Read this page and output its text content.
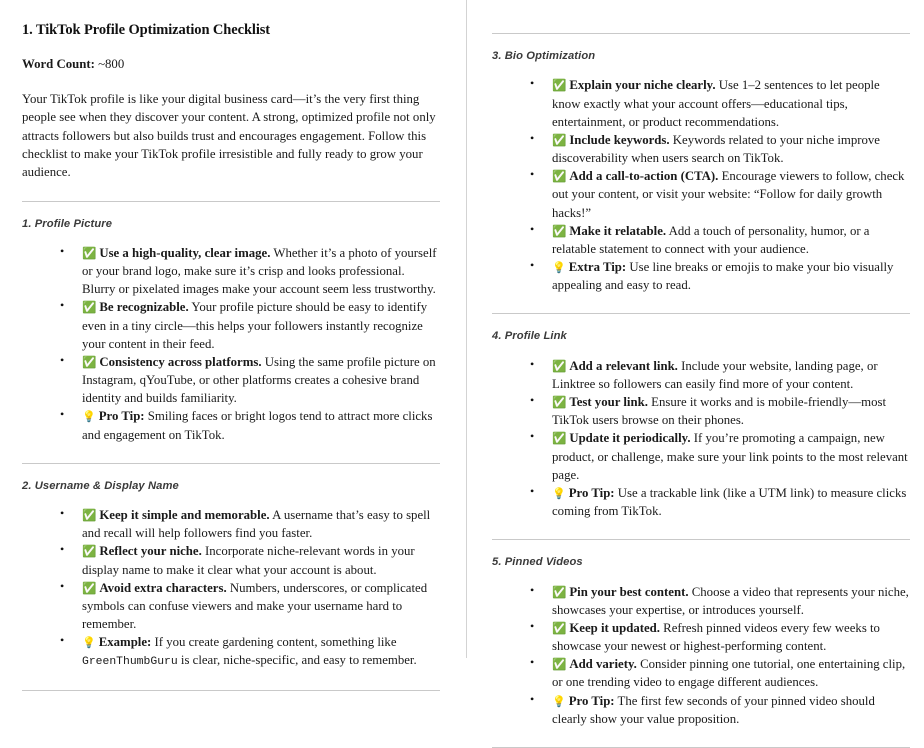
1. TikTok Profile Optimization Checklist

Word Count: ~800

Your TikTok profile is like your digital business card—it’s the very first thing people see when they discover your content. A strong, optimized profile not only attracts followers but also builds trust and encourages engagement. Follow this checklist to make your TikTok profile irresistible and fully ready to grow your audience.

1. Profile Picture
• ✅ Use a high-quality, clear image. Whether it’s a photo of yourself or your brand logo, make sure it’s crisp and looks professional. Blurry or pixelated images make your account seem less trustworthy.
• ✅ Be recognizable. Your profile picture should be easy to identify even in a tiny circle—this helps your followers instantly recognize your content in their feed.
• ✅ Consistency across platforms. Using the same profile picture on Instagram, qYouTube, or other platforms creates a cohesive brand identity and builds familiarity.
• 💡 Pro Tip: Smiling faces or bright logos tend to attract more clicks and engagement on TikTok.
2. Username & Display Name
• ✅ Keep it simple and memorable. A username that’s easy to spell and recall will help followers find you faster.
• ✅ Reflect your niche. Incorporate niche-relevant words in your display name to make it clear what your account is about.
• ✅ Avoid extra characters. Numbers, underscores, or complicated symbols can confuse viewers and make your username hard to remember.
• 💡 Example: If you create gardening content, something like GreenThumbGuru is clear, niche-specific, and easy to remember.
3. Bio Optimization
• ✅ Explain your niche clearly. Use 1–2 sentences to let people know exactly what your account offers—educational tips, entertainment, or product recommendations.
• ✅ Include keywords. Keywords related to your niche improve discoverability when users search on TikTok.
• ✅ Add a call-to-action (CTA). Encourage viewers to follow, check out your content, or visit your website: “Follow for daily growth hacks!”
• ✅ Make it relatable. Add a touch of personality, humor, or a relatable statement to connect with your audience.
• 💡 Extra Tip: Use line breaks or emojis to make your bio visually appealing and easy to read.
4. Profile Link
• ✅ Add a relevant link. Include your website, landing page, or Linktree so followers can easily find more of your content.
• ✅ Test your link. Ensure it works and is mobile-friendly—most TikTok users browse on their phones.
• ✅ Update it periodically. If you’re promoting a campaign, new product, or challenge, make sure your link points to the most relevant page.
• 💡 Pro Tip: Use a trackable link (like a UTM link) to measure clicks coming from TikTok.
5. Pinned Videos
• ✅ Pin your best content. Choose a video that represents your niche, showcases your expertise, or introduces yourself.
• ✅ Keep it updated. Refresh pinned videos every few weeks to showcase your newest or highest-performing content.
• ✅ Add variety. Consider pinning one tutorial, one entertaining clip, or one trending video to engage different audiences.
• 💡 Pro Tip: The first few seconds of your pinned video should clearly show your value proposition.
